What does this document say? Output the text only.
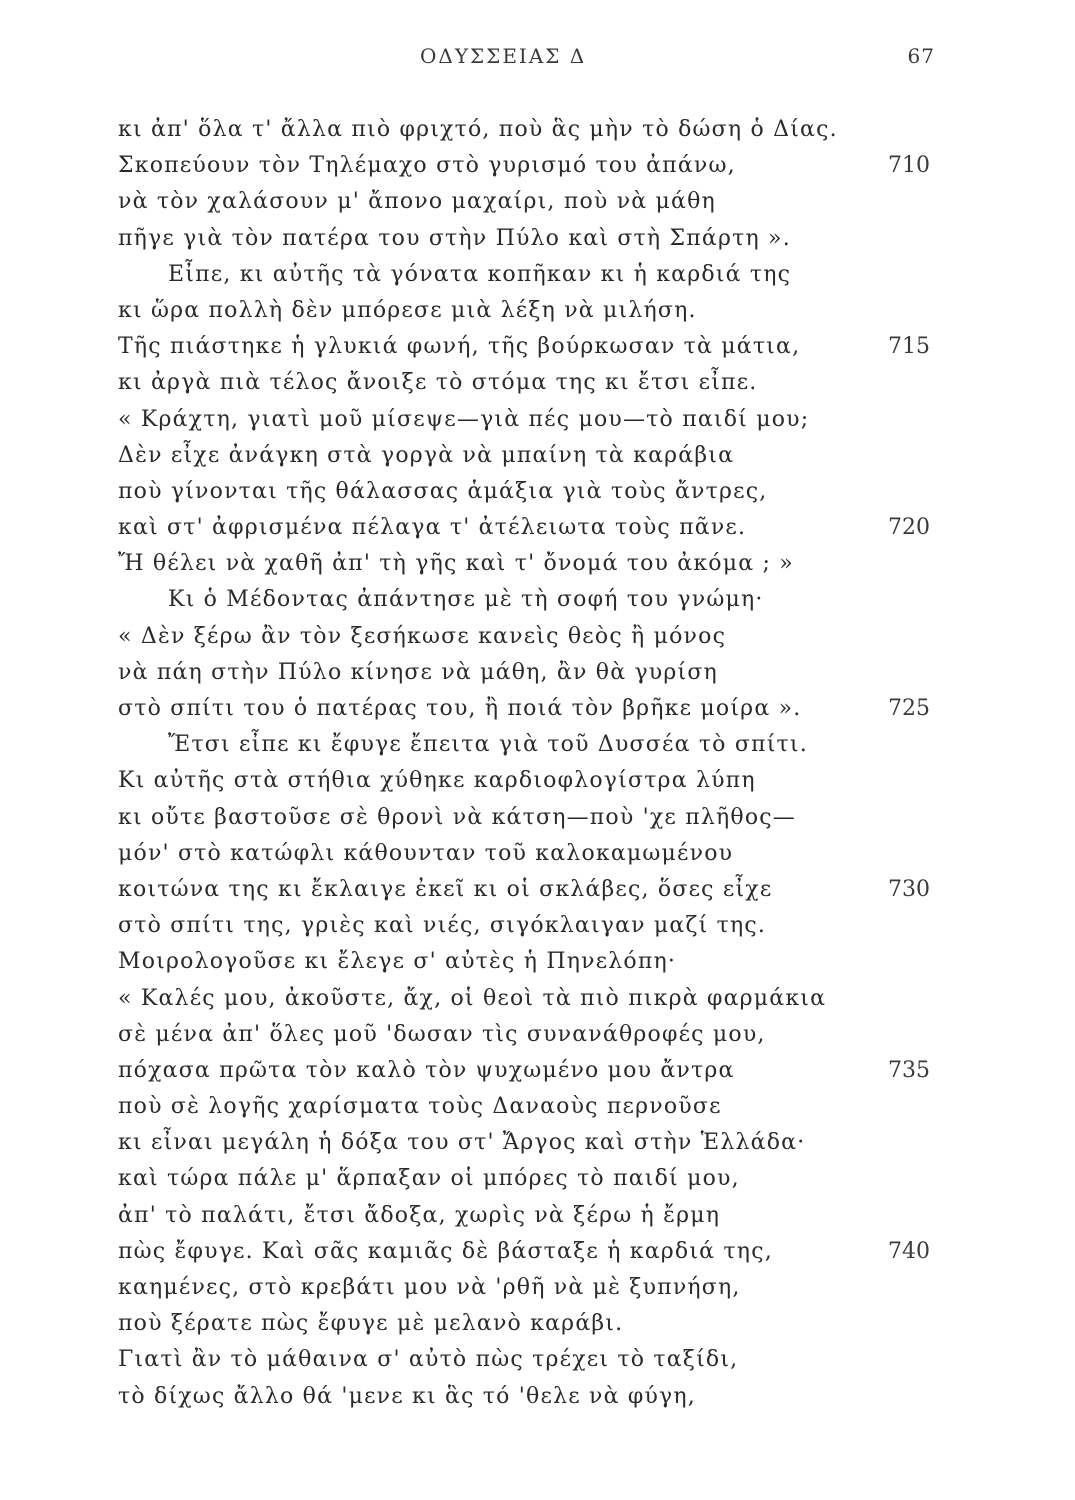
ΟΔΥΣΣΕΙΑΣ Δ	67
κι ἀπ' ὅλα τ' ἄλλα πιὸ φριχτό, ποὺ ἃς μὴν τὸ δώση ὁ Δίας.
Σκοπεύουν τὸν Τηλέμαχο στὸ γυρισμό του ἀπάνω,	710
νὰ τὸν χαλάσουν μ' ἄπονο μαχαίρι, ποὺ νὰ μάθη
πῆγε γιὰ τὸν πατέρα του στὴν Πύλο καὶ στὴ Σπάρτη ».
Εἶπε, κι αὐτῆς τὰ γόνατα κοπῆκαν κι ἡ καρδιά της
κι ὥρα πολλὴ δὲν μπόρεσε μιὰ λέξη νὰ μιλήση.
Τῆς πιάστηκε ἡ γλυκιά φωνή, τῆς βούρκωσαν τὰ μάτια,	715
κι ἀργὰ πιὰ τέλος ἄνοιξε τὸ στόμα της κι ἔτσι εἶπε.
« Κράχτη, γιατὶ μοῦ μίσεψε—γιὰ πές μου—τὸ παιδί μου;
Δὲν εἶχε ἀνάγκη στὰ γοργὰ νὰ μπαίνη τὰ καράβια
ποὺ γίνονται τῆς θάλασσας ἁμάξια γιὰ τοὺς ἄντρες,
καὶ στ' ἀφρισμένα πέλαγα τ' ἀτέλειωτα τοὺς πᾶνε.	720
Ἤ θέλει νὰ χαθῆ ἀπ' τὴ γῆς καὶ τ' ὄνομά του ἀκόμα ; »
Κι ὁ Μέδοντας ἀπάντησε μὲ τὴ σοφή του γνώμη·
« Δὲν ξέρω ἂν τὸν ξεσήκωσε κανεὶς θεὸς ἢ μόνος
νὰ πάη στὴν Πύλο κίνησε νὰ μάθη, ἂν θὰ γυρίση
στὸ σπίτι του ὁ πατέρας του, ἢ ποιά τὸν βρῆκε μοίρα ».	725
Ἔτσι εἶπε κι ἔφυγε ἔπειτα γιὰ τοῦ Δυσσέα τὸ σπίτι.
Κι αὐτῆς στὰ στήθια χύθηκε καρδιοφλογίστρα λύπη
κι οὔτε βαστοῦσε σὲ θρονὶ νὰ κάτση—ποὺ 'χε πλῆθος—
μόν' στὸ κατώφλι κάθουνταν τοῦ καλοκαμωμένου
κοιτώνα της κι ἔκλαιγε ἐκεῖ κι οἱ σκλάβες, ὅσες εἶχε	730
στὸ σπίτι της, γριὲς καὶ νιές, σιγόκλαιγαν μαζί της.
Μοιρολογοῦσε κι ἔλεγε σ' αὐτὲς ἡ Πηνελόπη·
« Καλές μου, ἀκοῦστε, ἄχ, οἱ θεοὶ τὰ πιὸ πικρὰ φαρμάκια
σὲ μένα ἀπ' ὅλες μοῦ 'δωσαν τὶς συνανάθροφές μου,
πόχασα πρῶτα τὸν καλὸ τὸν ψυχωμένο μου ἄντρα	735
ποὺ σὲ λογῆς χαρίσματα τοὺς Δαναοὺς περνοῦσε
κι εἶναι μεγάλη ἡ δόξα του στ' Ἄργος καὶ στὴν Ἑλλάδα·
καὶ τώρα πάλε μ' ἅρπαξαν οἱ μπόρες τὸ παιδί μου,
ἀπ' τὸ παλάτι, ἔτσι ἄδοξα, χωρὶς νὰ ξέρω ἡ ἔρμη
πὼς ἔφυγε. Καὶ σᾶς καμιᾶς δὲ βάσταξε ἡ καρδιά της,	740
καημένες, στὸ κρεβάτι μου νὰ 'ρθῆ νὰ μὲ ξυπνήση,
ποὺ ξέρατε πὼς ἔφυγε μὲ μελανὸ καράβι.
Γιατὶ ἂν τὸ μάθαινα σ' αὐτὸ πὼς τρέχει τὸ ταξίδι,
τὸ δίχως ἄλλο θά 'μενε κι ἃς τό 'θελε νὰ φύγη,
